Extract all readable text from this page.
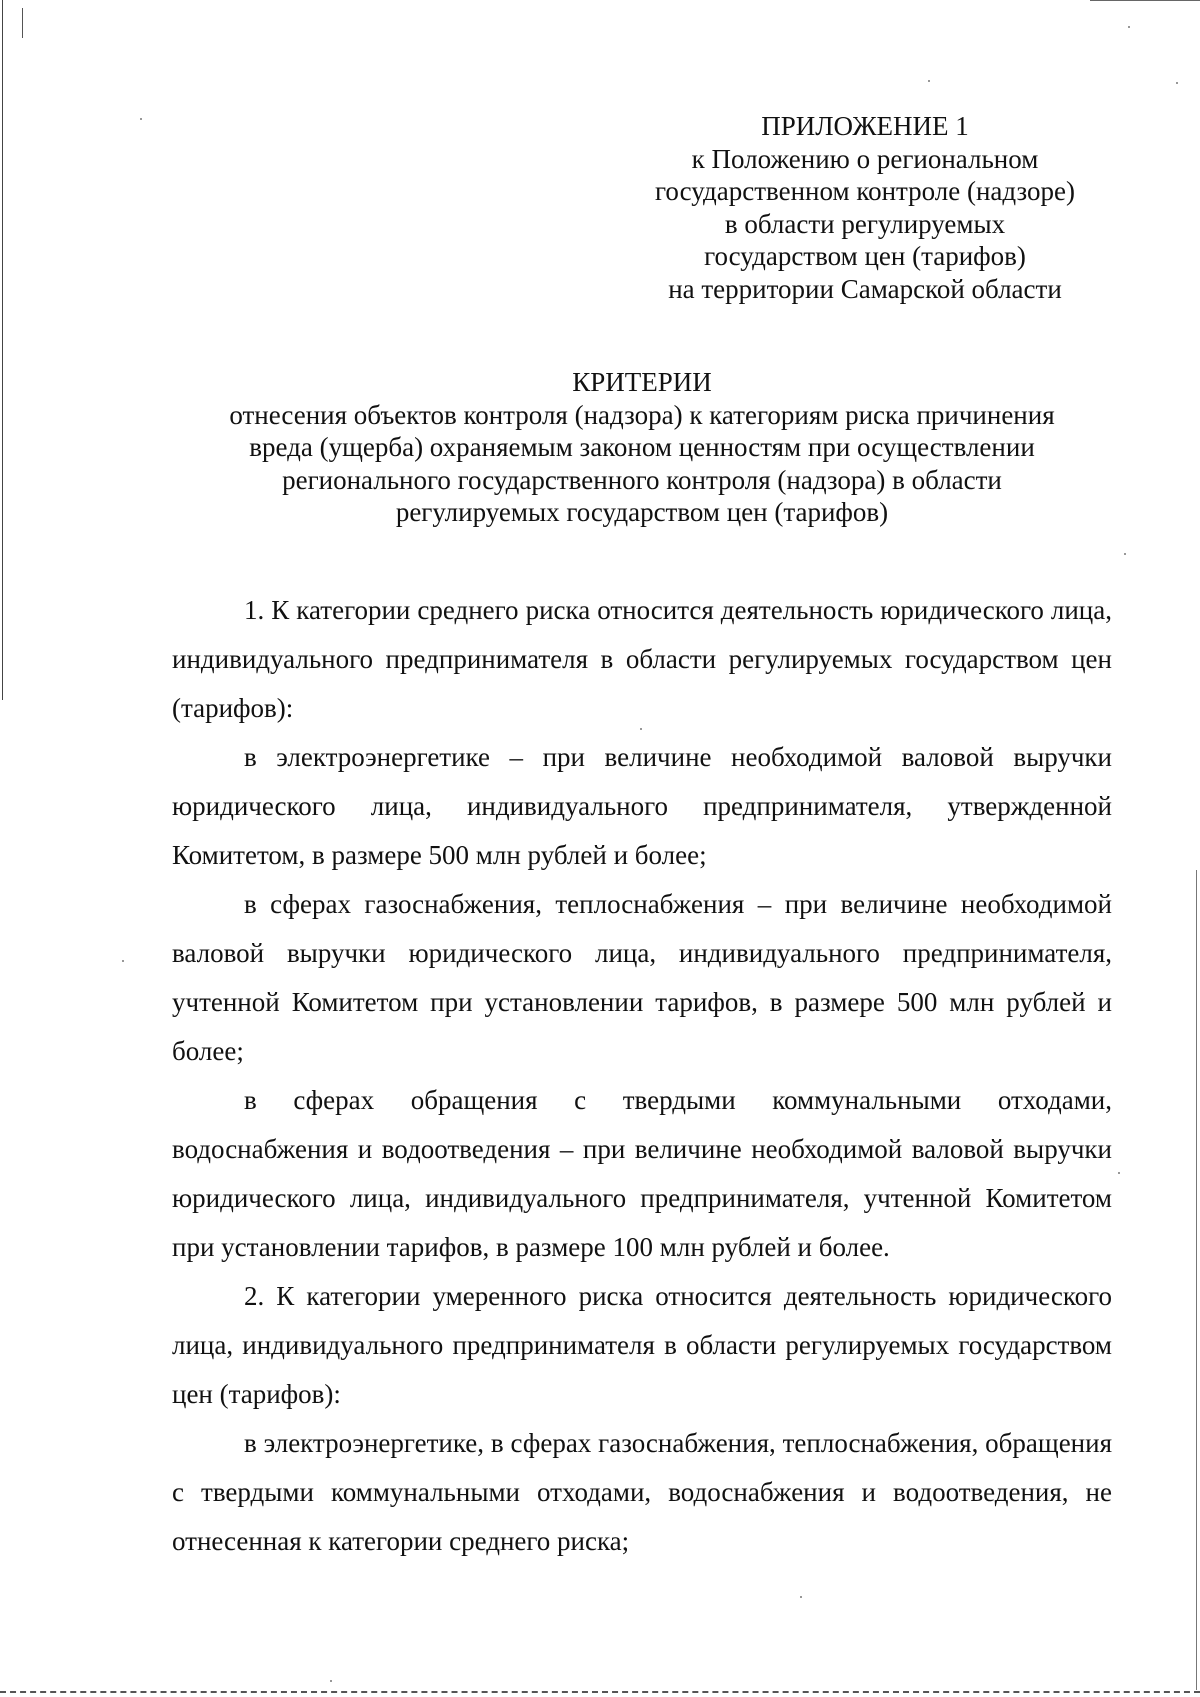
ПРИЛОЖЕНИЕ 1
к Положению о региональном
государственном контроле (надзоре)
в области регулируемых
государством цен (тарифов)
на территории Самарской области
КРИТЕРИИ
отнесения объектов контроля (надзора) к категориям риска причинения
вреда (ущерба) охраняемым законом ценностям при осуществлении
регионального государственного контроля (надзора) в области
регулируемых государством цен (тарифов)

1. К категории среднего риска относится деятельность юридического лица, индивидуального предпринимателя в области регулируемых государством цен (тарифов):

в электроэнергетике – при величине необходимой валовой выручки юридического лица, индивидуального предпринимателя, утвержденной Комитетом, в размере 500 млн рублей и более;

в сферах газоснабжения, теплоснабжения – при величине необходимой валовой выручки юридического лица, индивидуального предпринимателя, учтенной Комитетом при установлении тарифов, в размере 500 млн рублей и более;

в сферах обращения с твердыми коммунальными отходами, водоснабжения и водоотведения – при величине необходимой валовой выручки юридического лица, индивидуального предпринимателя, учтенной Комитетом при установлении тарифов, в размере 100 млн рублей и более.

2. К категории умеренного риска относится деятельность юридического лица, индивидуального предпринимателя в области регулируемых государством цен (тарифов):

в электроэнергетике, в сферах газоснабжения, теплоснабжения, обращения с твердыми коммунальными отходами, водоснабжения и водоотведения, не отнесенная к категории среднего риска;
